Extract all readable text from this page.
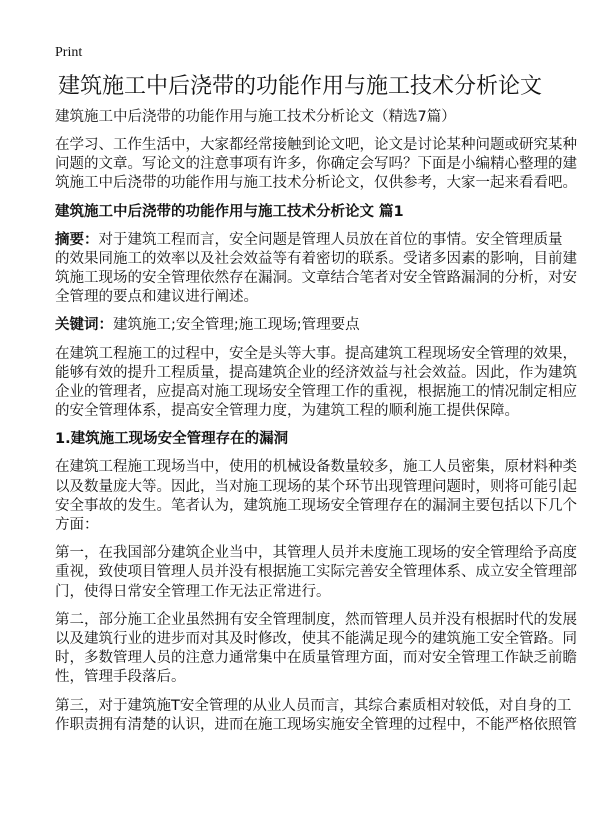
Print
建筑施工中后浇带的功能作用与施工技术分析论文
建筑施工中后浇带的功能作用与施工技术分析论文（精选7篇）

在学习、工作生活中，大家都经常接触到论文吧，论文是讨论某种问题或研究某种
问题的文章。写论文的注意事项有许多，你确定会写吗？下面是小编精心整理的建
筑施工中后浇带的功能作用与施工技术分析论文，仅供参考，大家一起来看看吧。

建筑施工中后浇带的功能作用与施工技术分析论文 篇1

摘要：对于建筑工程而言，安全问题是管理人员放在首位的事情。安全管理质量
的效果同施工的效率以及社会效益等有着密切的联系。受诸多因素的影响，目前建
筑施工现场的安全管理依然存在漏洞。文章结合笔者对安全管路漏洞的分析，对安
全管理的要点和建议进行阐述。

关键词：建筑施工;安全管理;施工现场;管理要点

在建筑工程施工的过程中，安全是头等大事。提高建筑工程现场安全管理的效果，
能够有效的提升工程质量，提高建筑企业的经济效益与社会效益。因此，作为建筑
企业的管理者，应提高对施工现场安全管理工作的重视，根据施工的情况制定相应
的安全管理体系，提高安全管理力度，为建筑工程的顺利施工提供保障。

1.建筑施工现场安全管理存在的漏洞

在建筑工程施工现场当中，使用的机械设备数量较多，施工人员密集，原材料种类
以及数量庞大等。因此，当对施工现场的某个环节出现管理问题时，则将可能引起
安全事故的发生。笔者认为，建筑施工现场安全管理存在的漏洞主要包括以下几个
方面：

第一，在我国部分建筑企业当中，其管理人员并未度施工现场的安全管理给予高度
重视，致使项目管理人员并没有根据施工实际完善安全管理体系、成立安全管理部
门，使得日常安全管理工作无法正常进行。

第二，部分施工企业虽然拥有安全管理制度，然而管理人员并没有根据时代的发展
以及建筑行业的进步而对其及时修改，使其不能满足现今的建筑施工安全管路。同
时，多数管理人员的注意力通常集中在质量管理方面，而对安全管理工作缺乏前瞻
性，管理手段落后。

第三，对于建筑施T安全管理的从业人员而言，其综合素质相对较低，对自身的工
作职责拥有清楚的认识，进而在施工现场实施安全管理的过程中，不能严格依照管
